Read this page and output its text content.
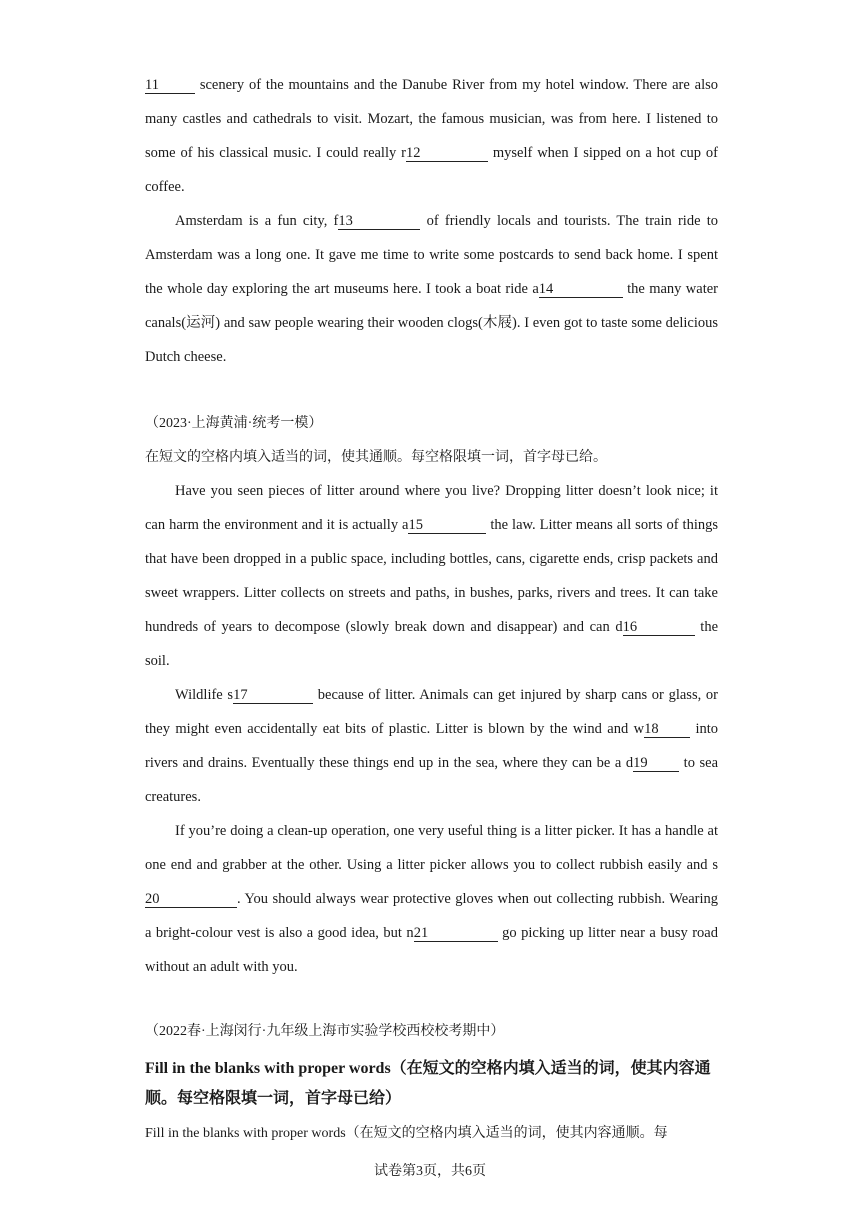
11 scenery of the mountains and the Danube River from my hotel window. There are also many castles and cathedrals to visit. Mozart, the famous musician, was from here. I listened to some of his classical music. I could really r12	myself when I sipped on a hot cup of coffee.

Amsterdam is a fun city, f13	of friendly locals and tourists. The train ride to Amsterdam was a long one. It gave me time to write some postcards to send back home. I spent the whole day exploring the art museums here. I took a boat ride a14	the many water canals(运河) and saw people wearing their wooden clogs(木屐). I even got to taste some delicious Dutch cheese.

（2023·上海黄浦·统考一模）

在短文的空格内填入适当的词，使其通顺。每空格限填一词，首字母已给。

Have you seen pieces of litter around where you live? Dropping litter doesn’t look nice; it can harm the environment and it is actually a15	the law. Litter means all sorts of things that have been dropped in a public space, including bottles, cans, cigarette ends, crisp packets and sweet wrappers. Litter collects on streets and paths, in bushes, parks, rivers and trees. It can take hundreds of years to decompose (slowly break down and disappear) and can d16	the soil.

Wildlife s17	because of litter. Animals can get injured by sharp cans or glass, or they might even accidentally eat bits of plastic. Litter is blown by the wind and w18 into rivers and drains. Eventually these things end up in the sea, where they can be a d19 to sea creatures.

If you’re doing a clean-up operation, one very useful thing is a litter picker. It has a handle at one end and grabber at the other. Using a litter picker allows you to collect rubbish easily and s20	. You should always wear protective gloves when out collecting rubbish. Wearing a bright-colour vest is also a good idea, but n21	go picking up litter near a busy road without an adult with you.

（2022春·上海闵行·九年级上海市实验学校西校校考期中）

Fill in the blanks with proper words（在短文的空格内填入适当的词，使其内容通顺。每空格限填一词，首字母已给）

Fill in the blanks with proper words（在短文的空格内填入适当的词，使其内容通顺。每

试卷第3页，共6页
